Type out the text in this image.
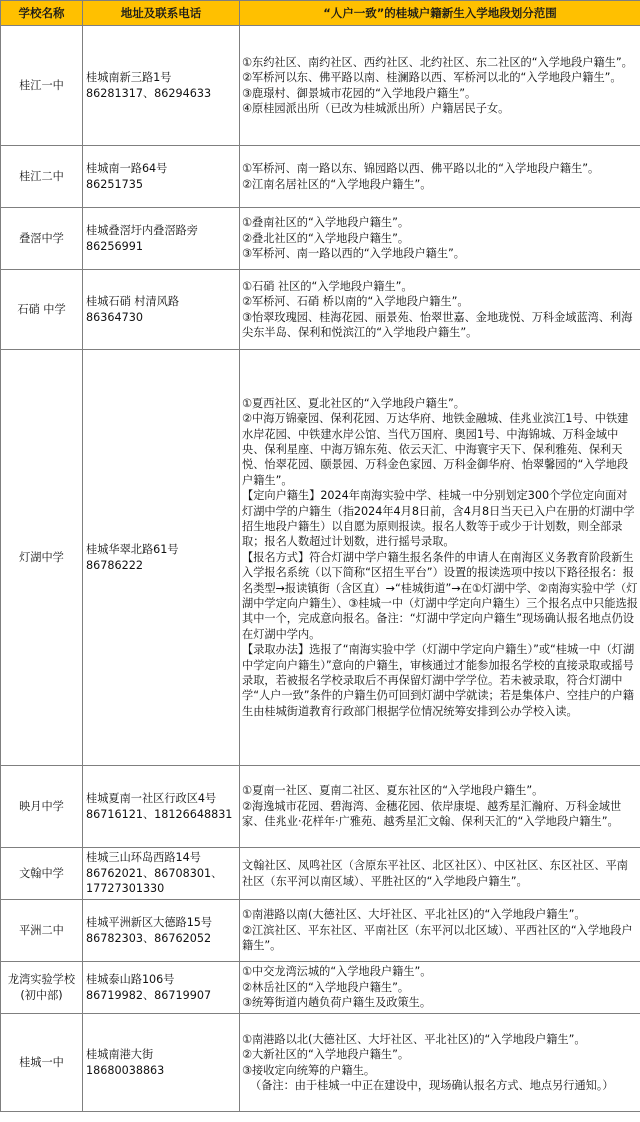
学校名称	地址及联系电话	“人户一致”的桂城户籍新生入学地段划分范围

桂江一中	桂城南新三路1号
86281317、86294633	①东约社区、南约社区、西约社区、北约社区、东二社区的“入学地段户籍生”。
②军桥河以东、佛平路以南、桂澜路以西、军桥河以北的“入学地段户籍生”。
③鹿璟村、御景城市花园的“入学地段户籍生”。
④原桂园派出所（已改为桂城派出所）户籍居民子女。

桂江二中	桂城南一路64号
86251735	①军桥河、南一路以东、锦园路以西、佛平路以北的“入学地段户籍生”。
②江南名居社区的“入学地段户籍生”。

叠滘中学	桂城叠滘圩内叠滘路旁
86256991	①叠南社区的“入学地段户籍生”。
②叠北社区的“入学地段户籍生”。
③军桥河、南一路以西的“入学地段户籍生”。

石硝 中学	桂城石硝 村清风路
86364730	①石硝 社区的“入学地段户籍生”。
②军桥河、石硝 桥以南的“入学地段户籍生”。
③怡翠玫瑰园、桂海花园、丽景苑、怡翠世嘉、金地珑悦、万科金域蓝湾、利海尖东半岛、保利和悦滨江的“入学地段户籍生”。

灯湖中学	桂城华翠北路61号
86786222	①夏西社区、夏北社区的“入学地段户籍生”。
②中海万锦豪园、保利花园、万达华府、地铁金融城、佳兆业滨江1号、中铁建水岸花园、中铁建水岸公馆、当代万国府、奥园1号、中海锦城、万科金域中央、保利星座、中海万锦东苑、依云天汇、中海寰宇天下、保利雅苑、保利天悦、怡翠花园、颐景园、万科金色家园、万科金御华府、怡翠馨园的“入学地段户籍生”。
【定向户籍生】2024年南海实验中学、桂城一中分别划定300个学位定向面对灯湖中学的户籍生（指2024年4月8日前，含4月8日当天已入户在册的灯湖中学招生地段户籍生）以自愿为原则报读。报名人数等于或少于计划数，则全部录取；报名人数超过计划数，进行摇号录取。
【报名方式】符合灯湖中学户籍生报名条件的申请人在南海区义务教育阶段新生入学报名系统（以下简称“区招生平台”）设置的报读选项中按以下路径报名：报名类型→报读镇街（含区直）→“桂城街道”→在①灯湖中学、②南海实验中学（灯湖中学定向户籍生）、③桂城一中（灯湖中学定向户籍生）三个报名点中只能选报其中一个，完成意向报名。备注：“灯湖中学定向户籍生”现场确认报名地点仍设在灯湖中学内。
【录取办法】选报了“南海实验中学（灯湖中学定向户籍生）”或“桂城一中（灯湖中学定向户籍生）”意向的户籍生，审核通过才能参加报名学校的直接录取或摇号录取，若被报名学校录取后不再保留灯湖中学学位。若未被录取，符合灯湖中学“人户一致”条件的户籍生仍可回到灯湖中学就读；若是集体户、空挂户的户籍生由桂城街道教育行政部门根据学位情况统筹安排到公办学校入读。

映月中学	桂城夏南一社区行政区4号
86716121、18126648831	①夏南一社区、夏南二社区、夏东社区的“入学地段户籍生”。
②海逸城市花园、碧海湾、金穗花园、依岸康堤、越秀星汇瀚府、万科金域世家、佳兆业·花样年·广雅苑、越秀星汇文翰、保利天汇的“入学地段户籍生”。

文翰中学	桂城三山环岛西路14号
86762021、86708301、
17727301330	文翰社区、凤鸣社区（含原东平社区、北区社区）、中区社区、东区社区、平南社区（东平河以南区域）、平胜社区的“入学地段户籍生”。

平洲二中	桂城平洲新区大德路15号
86782303、86762052	①南港路以南(大德社区、大圩社区、平北社区)的“入学地段户籍生”。
②江滨社区、平东社区、平南社区（东平河以北区域）、平西社区的“入学地段户籍生”。

龙湾实验学校
(初中部)	桂城泰山路106号
86719982、86719907	①中交龙湾沄城的“入学地段户籍生”。
②林岳社区的“入学地段户籍生”。
③统筹街道内趟负荷户籍生及政策生。

桂城一中	桂城南港大街
18680038863	①南港路以北(大德社区、大圩社区、平北社区)的“入学地段户籍生”。
②大新社区的“入学地段户籍生”。
③接收定向统筹的户籍生。
（备注：由于桂城一中正在建设中，现场确认报名方式、地点另行通知。）
